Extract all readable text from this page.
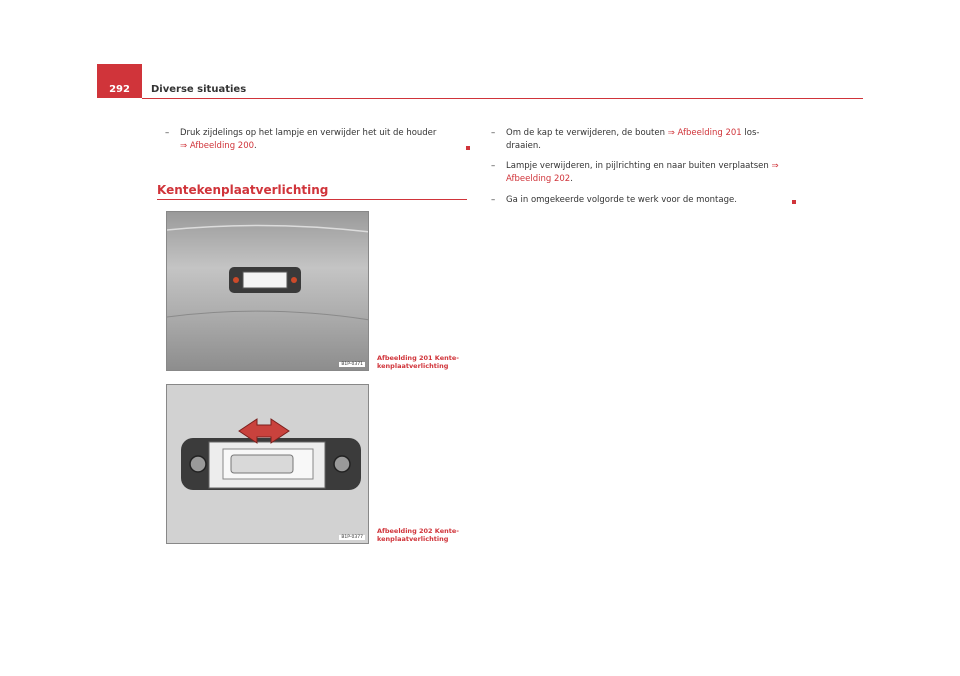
292 Diverse situaties
– Druk zijdelings op het lampje en verwijder het uit de houder
⇒ Afbeelding 200.
Kentekenplaatverlichting
B1P-0371
Afbeelding 201 Kente-kenplaatverlichting
B1P-0377
Afbeelding 202 Kente-kenplaatverlichting
– Om de kap te verwijderen, de bouten ⇒ Afbeelding 201 los-draaien.
– Lampje verwijderen, in pijlrichting en naar buiten verplaatsen ⇒ Afbeelding 202.
– Ga in omgekeerde volgorde te werk voor de montage.
